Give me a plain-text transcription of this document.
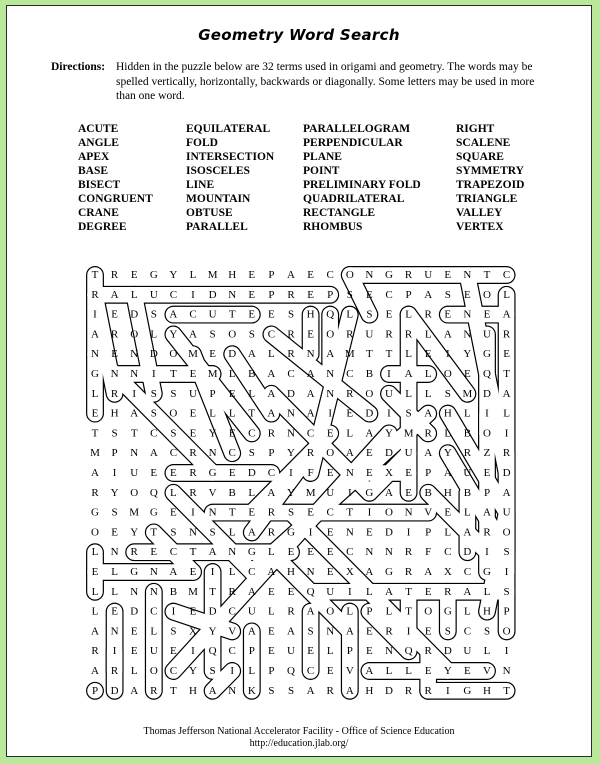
Geometry Word Search
Directions: Hidden in the puzzle below are 32 terms used in origami and geometry. The words may be spelled vertically, horizontally, backwards or diagonally. Some letters may be used in more than one word.
ACUTE
ANGLE
APEX
BASE
BISECT
CONGRUENT
CRANE
DEGREE
EQUILATERAL
FOLD
INTERSECTION
ISOSCELES
LINE
MOUNTAIN
OBTUSE
PARALLEL
PARALLELOGRAM
PERPENDICULAR
PLANE
POINT
PRELIMINARY FOLD
QUADRILATERAL
RECTANGLE
RHOMBUS
RIGHT
SCALENE
SQUARE
SYMMETRY
TRAPEZOID
TRIANGLE
VALLEY
VERTEX
Thomas Jefferson National Accelerator Facility - Office of Science Education
http://education.jlab.org/
T R E G Y L M H E P A E C O N G R U E N T C
R A L U C I D N E P R E P S E C P A S E O L
I E D S A C U T E E S H Q L S E L R E N E A
A R O L Y A S O S C R E O R U R R L A N U R
N E N D O M E D A L R N A M T T L E I Y G E
G N N I T E M L B A C A N C B I A L O E Q T
L R I S S U P E L A D A N R O U L L S M D A
E H A S O E L L T A N A I E D I S A H L I L
T S T C S E Y E C R N C E L A Y M R L B O I
M P N A C R N C S P Y R O A E D U A Y R Z R
A I U E E R G E D C I F E N E X E P A U E D
R Y O Q L R V B L A Y M U I G A E B H B P A
G S M G E I N T E R S E C T I O N V E L A U
O E Y T S N S L A R G I E N E D I P L A R O
L N R E C T A N G L E E E C N N R F C D I S
E L G N A E I L C A H N E X A G R A X C G I
L L N N B M T R A E E Q U I L A T E R A L S
L E D C I E D C U L R A O L P L T O G L H P
A N E L S X Y V A E A S N A E R I E S C S O
R I E U E I Q C P E U E L P E N Q R D U L I
A R L O C Y S I L P Q C E V A L L E Y E V N
P D A R T H A N K S S A R A H D R R I G H T
